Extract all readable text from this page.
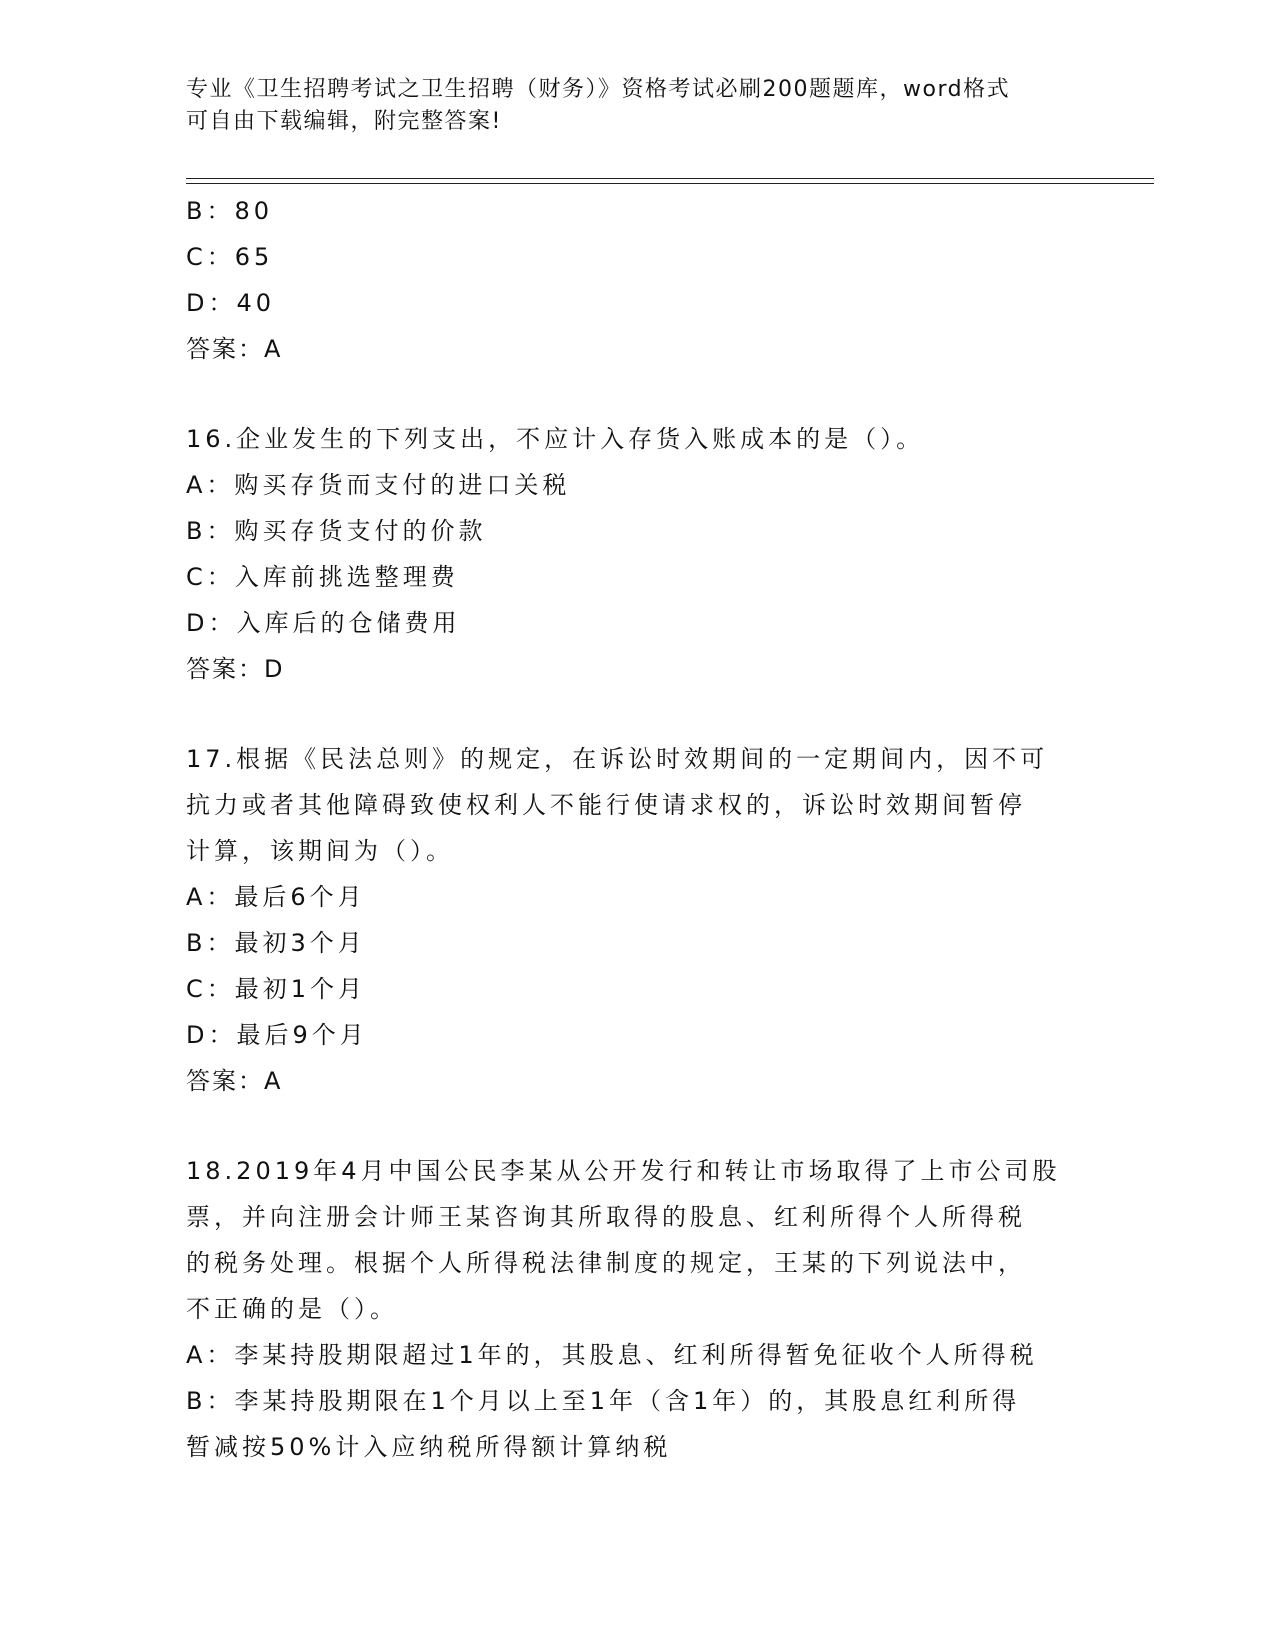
专业《卫生招聘考试之卫生招聘（财务）》资格考试必刷200题题库，word格式
可自由下载编辑，附完整答案!
B：80
C：65
D：40
答案：A
16.企业发生的下列支出，不应计入存货入账成本的是（）。
A：购买存货而支付的进口关税
B：购买存货支付的价款
C：入库前挑选整理费
D：入库后的仓储费用
答案：D
17.根据《民法总则》的规定，在诉讼时效期间的一定期间内，因不可
抗力或者其他障碍致使权利人不能行使请求权的，诉讼时效期间暂停
计算，该期间为（）。
A：最后6个月
B：最初3个月
C：最初1个月
D：最后9个月
答案：A
18.2019年4月中国公民李某从公开发行和转让市场取得了上市公司股
票，并向注册会计师王某咨询其所取得的股息、红利所得个人所得税
的税务处理。根据个人所得税法律制度的规定，王某的下列说法中，
不正确的是（）。
A：李某持股期限超过1年的，其股息、红利所得暂免征收个人所得税
B：李某持股期限在1个月以上至1年（含1年）的，其股息红利所得
暂减按50%计入应纳税所得额计算纳税
